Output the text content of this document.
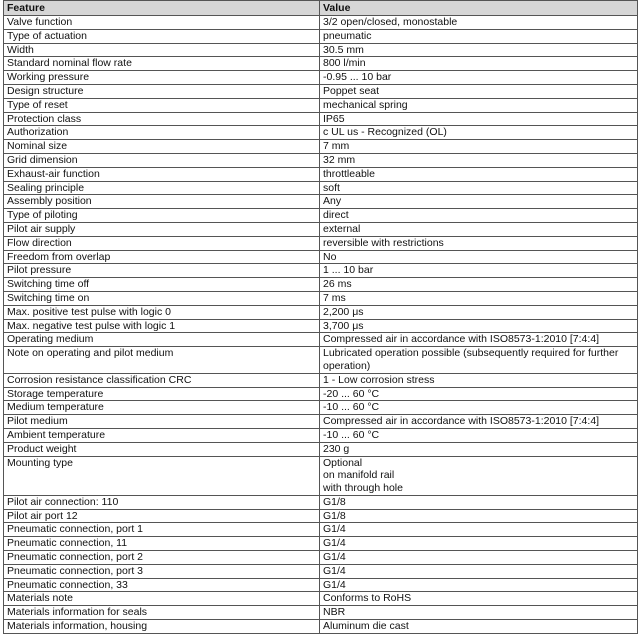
Feature	Value
Valve function	3/2 open/closed, monostable
Type of actuation	pneumatic
Width	30.5 mm
Standard nominal flow rate	800 l/min
Working pressure	-0.95 ... 10 bar
Design structure	Poppet seat
Type of reset	mechanical spring
Protection class	IP65
Authorization	c UL us - Recognized (OL)
Nominal size	7 mm
Grid dimension	32 mm
Exhaust-air function	throttleable
Sealing principle	soft
Assembly position	Any
Type of piloting	direct
Pilot air supply	external
Flow direction	reversible with restrictions
Freedom from overlap	No
Pilot pressure	1 ... 10 bar
Switching time off	26 ms
Switching time on	7 ms
Max. positive test pulse with logic 0	2,200 μs
Max. negative test pulse with logic 1	3,700 μs
Operating medium	Compressed air in accordance with ISO8573-1:2010 [7:4:4]
Note on operating and pilot medium	Lubricated operation possible (subsequently required for further operation)
Corrosion resistance classification CRC	1 - Low corrosion stress
Storage temperature	-20 ... 60 °C
Medium temperature	-10 ... 60 °C
Pilot medium	Compressed air in accordance with ISO8573-1:2010 [7:4:4]
Ambient temperature	-10 ... 60 °C
Product weight	230 g
Mounting type	Optional
on manifold rail
with through hole

Pilot air connection: 110	G1/8
Pilot air port 12	G1/8
Pneumatic connection, port 1	G1/4
Pneumatic connection, 11	G1/4
Pneumatic connection, port 2	G1/4
Pneumatic connection, port 3	G1/4
Pneumatic connection, 33	G1/4
Materials note	Conforms to RoHS
Materials information for seals	NBR
Materials information, housing	Aluminum die cast
